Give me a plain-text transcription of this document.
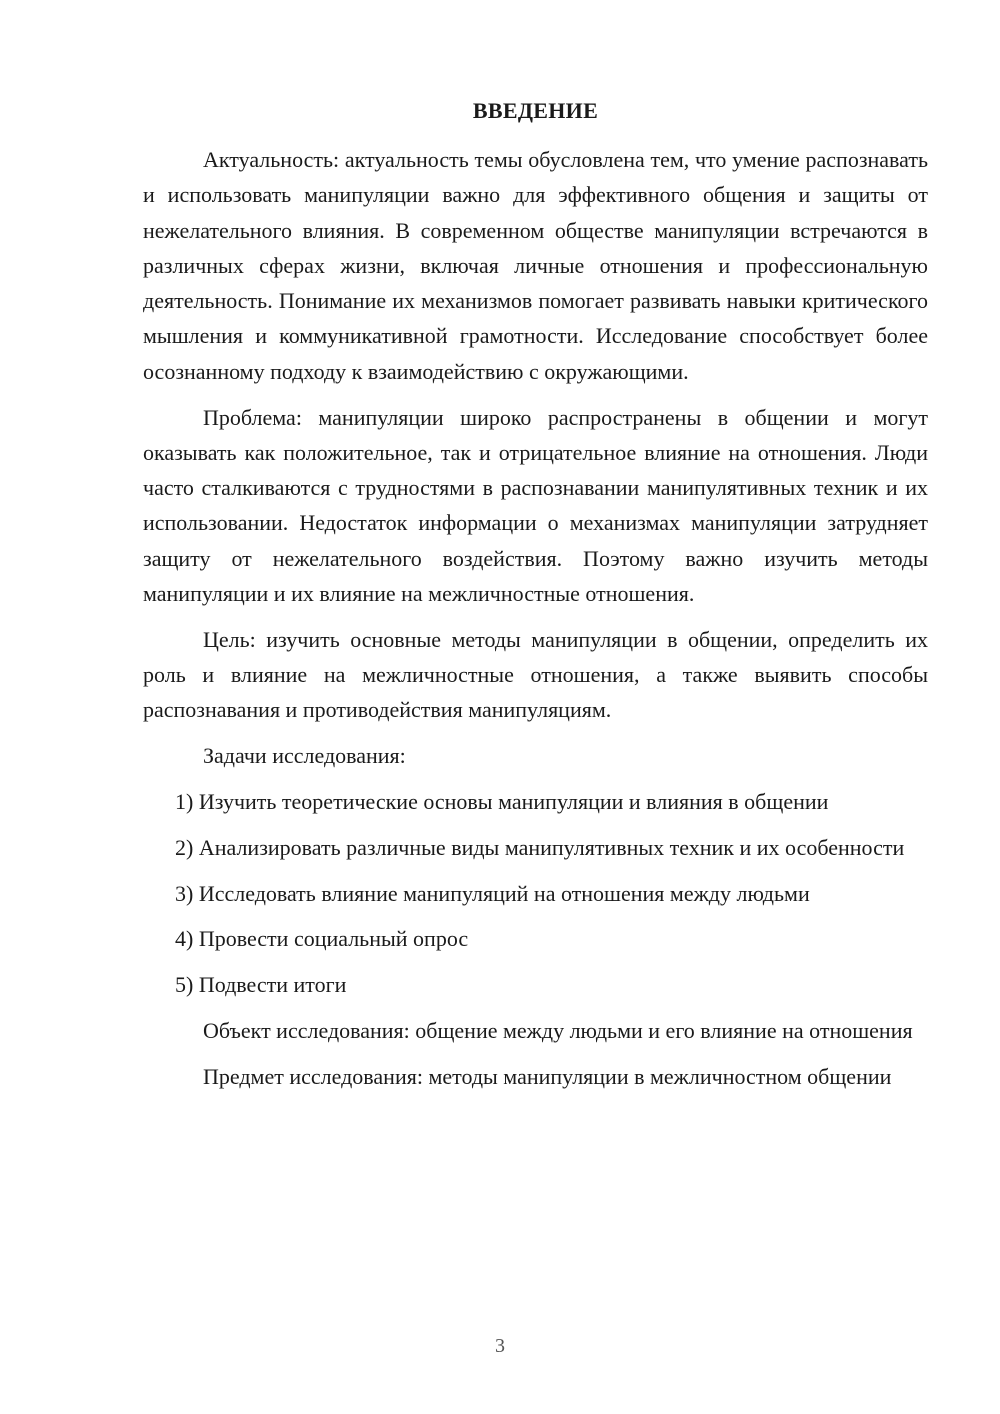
ВВЕДЕНИЕ

Актуальность: актуальность темы обусловлена тем, что умение распознавать и использовать манипуляции важно для эффективного общения и защиты от нежелательного влияния. В современном обществе манипуляции встречаются в различных сферах жизни, включая личные отношения и профессиональную деятельность. Понимание их механизмов помогает развивать навыки критического мышления и коммуникативной грамотности. Исследование способствует более осознанному подходу к взаимодействию с окружающими.

Проблема: манипуляции широко распространены в общении и могут оказывать как положительное, так и отрицательное влияние на отношения. Люди часто сталкиваются с трудностями в распознавании манипулятивных техник и их использовании. Недостаток информации о механизмах манипуляции затрудняет защиту от нежелательного воздействия. Поэтому важно изучить методы манипуляции и их влияние на межличностные отношения.

Цель: изучить основные методы манипуляции в общении, определить их роль и влияние на межличностные отношения, а также выявить способы распознавания и противодействия манипуляциям.

Задачи исследования:

1) Изучить теоретические основы манипуляции и влияния в общении

2) Анализировать различные виды манипулятивных техник и их особенности

3) Исследовать влияние манипуляций на отношения между людьми

4) Провести социальный опрос

5) Подвести итоги

Объект исследования: общение между людьми и его влияние на отношения

Предмет исследования: методы манипуляции в межличностном общении

3
